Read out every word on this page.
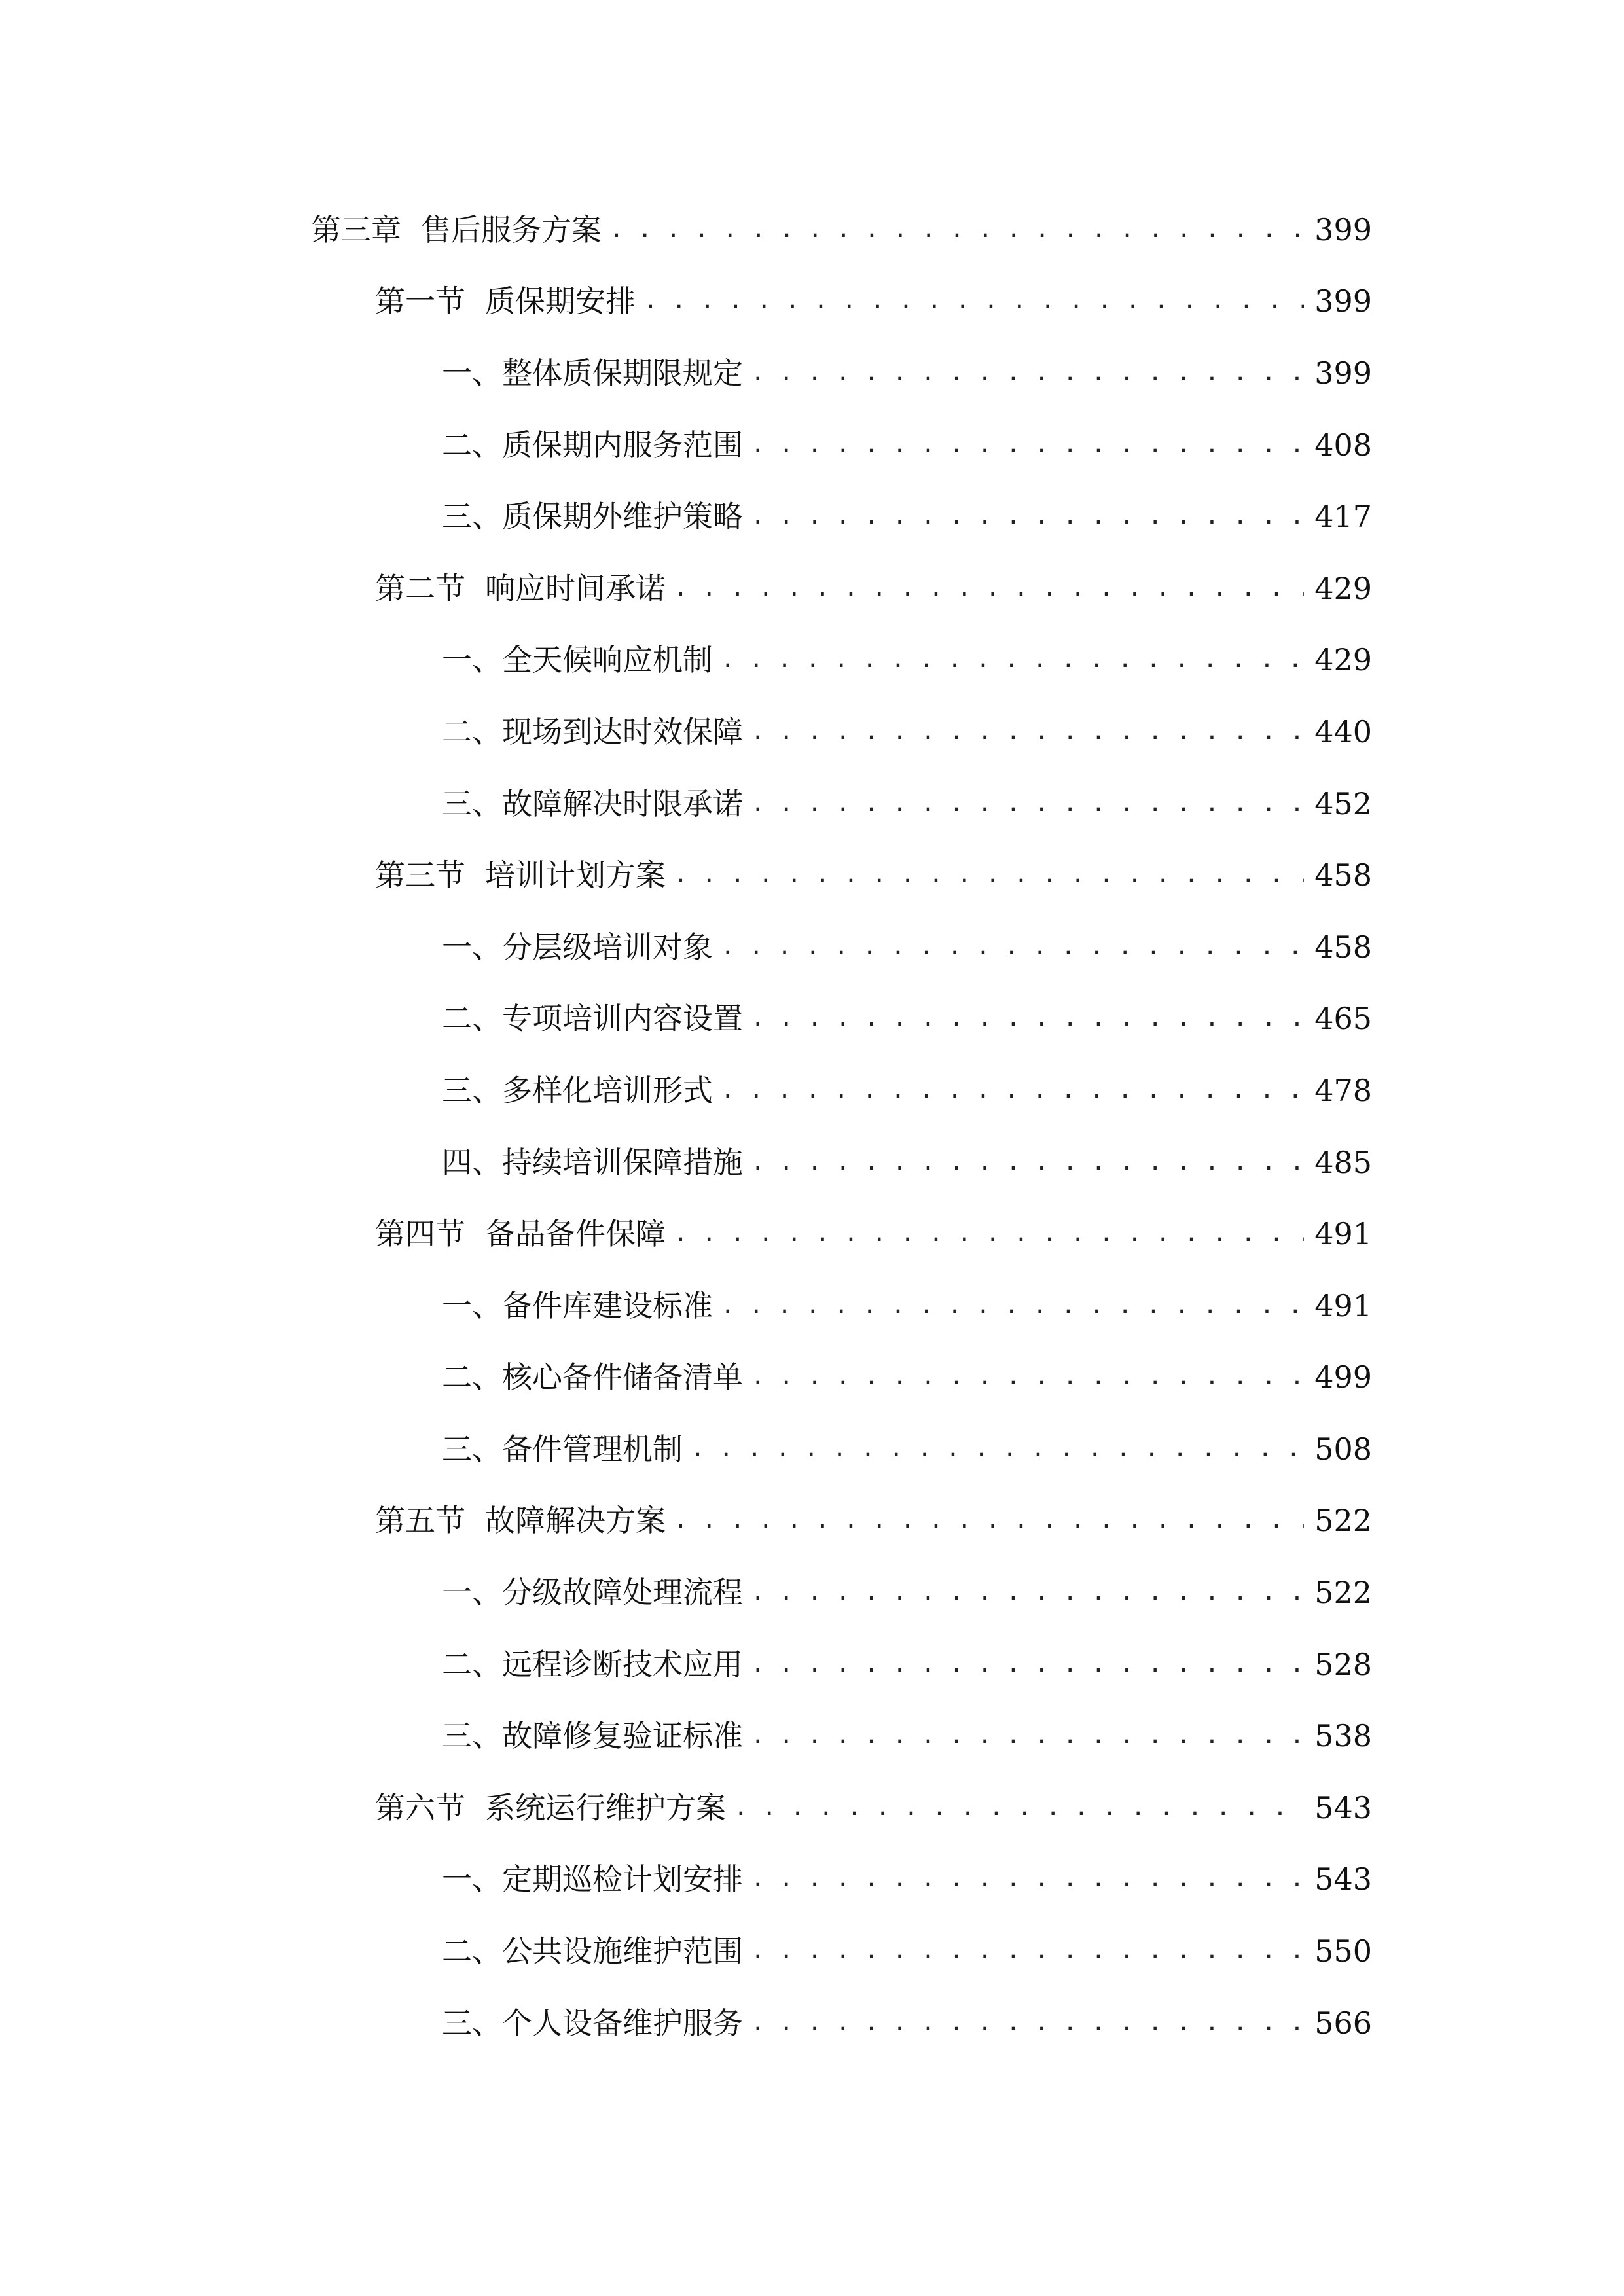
第三章 售后服务方案 . . .	399
第一节 质保期安排 . . .	399
一、 整体质保期限规定 . . .	399
二、 质保期内服务范围 . . .	408
三、 质保期外维护策略 . . .	417
第二节 响应时间承诺 . . .	429
一、 全天候响应机制 . . .	429
二、 现场到达时效保障 . . .	440
三、 故障解决时限承诺 . . .	452
第三节 培训计划方案 . . .	458
一、 分层级培训对象 . . .	458
二、 专项培训内容设置 . . .	465
三、 多样化培训形式 . . .	478
四、 持续培训保障措施 . . .	485
第四节 备品备件保障 . . .	491
一、 备件库建设标准 . . .	491
二、 核心备件储备清单 . . .	499
三、 备件管理机制 . . .	508
第五节 故障解决方案 . . .	522
一、 分级故障处理流程 . . .	522
二、 远程诊断技术应用 . . .	528
三、 故障修复验证标准 . . .	538
第六节 系统运行维护方案 . . .	543
一、 定期巡检计划安排 . . .	543
二、 公共设施维护范围 . . .	550
三、 个人设备维护服务 . . .	566
